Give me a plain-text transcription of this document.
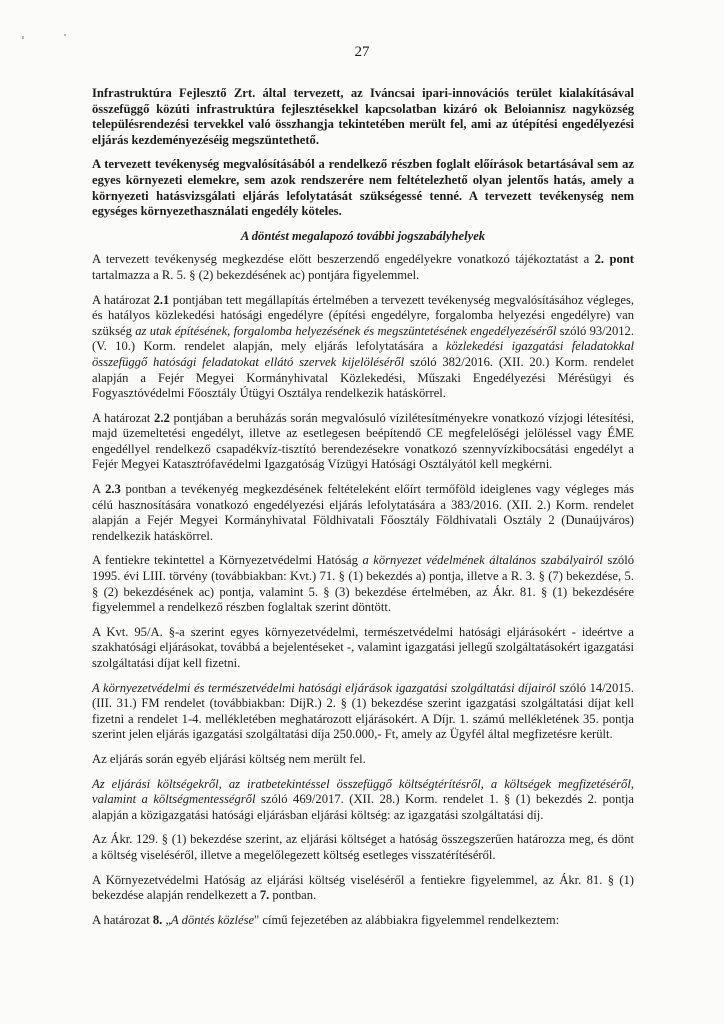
27

Infrastruktúra Fejlesztő Zrt. által tervezett, az Iváncsai ipari-innovációs terület kialakításával összefüggő közúti infrastruktúra fejlesztésekkel kapcsolatban kizáró ok Beloiannisz nagyközség településrendezési tervekkel való összhangja tekintetében merült fel, ami az útépítési engedélyezési eljárás kezdeményezéséig megszüntethető.

A tervezett tevékenység megvalósításából a rendelkező részben foglalt előírások betartásával sem az egyes környezeti elemekre, sem azok rendszerére nem feltételezhető olyan jelentős hatás, amely a környezeti hatásvizsgálati eljárás lefolytatását szükségessé tenné. A tervezett tevékenység nem egységes környezethasználati engedély köteles.

A döntést megalapozó további jogszabályhelyek

A tervezett tevékenység megkezdése előtt beszerzendő engedélyekre vonatkozó tájékoztatást a 2. pont tartalmazza a R. 5. § (2) bekezdésének ac) pontjára figyelemmel.

A határozat 2.1 pontjában tett megállapítás értelmében a tervezett tevékenység megvalósításához végleges, és hatályos közlekedési hatósági engedélyre (építési engedélyre, forgalomba helyezési engedélyre) van szükség az utak építésének, forgalomba helyezésének és megszüntetésének engedélyezéséről szóló 93/2012. (V. 10.) Korm. rendelet alapján, mely eljárás lefolytatására a közlekedési igazgatási feladatokkal összefüggő hatósági feladatokat ellátó szervek kijelöléséről szóló 382/2016. (XII. 20.) Korm. rendelet alapján a Fejér Megyei Kormányhivatal Közlekedési, Műszaki Engedélyezési Mérésügyi és Fogyasztóvédelmi Főosztály Útügyi Osztálya rendelkezik hatáskörrel.

A határozat 2.2 pontjában a beruházás során megvalósuló vízilétesítményekre vonatkozó vízjogi létesítési, majd üzemeltetési engedélyt, illetve az esetlegesen beépítendő CE megfelelőségi jelöléssel vagy ÉME engedéllyel rendelkező csapadékvíz-tisztító berendezésekre vonatkozó szennyvízkibocsátási engedélyt a Fejér Megyei Katasztrófavédelmi Igazgatóság Vízügyi Hatósági Osztályától kell megkérni.

A 2.3 pontban a tevékenyég megkezdésének feltételeként előírt termőföld ideiglenes vagy végleges más célú hasznosítására vonatkozó engedélyezési eljárás lefolytatására a 383/2016. (XII. 2.) Korm. rendelet alapján a Fejér Megyei Kormányhivatal Földhivatali Főosztály Földhivatali Osztály 2 (Dunaújváros) rendelkezik hatáskörrel.

A fentiekre tekintettel a Környezetvédelmi Hatóság a környezet védelmének általános szabályairól szóló 1995. évi LIII. törvény (továbbiakban: Kvt.) 71. § (1) bekezdés a) pontja, illetve a R. 3. § (7) bekezdése, 5. § (2) bekezdésének ac) pontja, valamint 5. § (3) bekezdése értelmében, az Ákr. 81. § (1) bekezdésére figyelemmel a rendelkező részben foglaltak szerint döntött.

A Kvt. 95/A. §-a szerint egyes környezetvédelmi, természetvédelmi hatósági eljárásokért - ideértve a szakhatósági eljárásokat, továbbá a bejelentéseket -, valamint igazgatási jellegű szolgáltatásokért igazgatási szolgáltatási díjat kell fizetni.

A környezetvédelmi és természetvédelmi hatósági eljárások igazgatási szolgáltatási díjairól szóló 14/2015. (III. 31.) FM rendelet (továbbiakban: DíjR.) 2. § (1) bekezdése szerint igazgatási szolgáltatási díjat kell fizetni a rendelet 1-4. mellékletében meghatározott eljárásokért. A Díjr. 1. számú mellékletének 35. pontja szerint jelen eljárás igazgatási szolgáltatási díja 250.000,- Ft, amely az Ügyfél által megfizetésre került.

Az eljárás során egyéb eljárási költség nem merült fel.

Az eljárási költségekről, az iratbetekintéssel összefüggő költségtérítésről, a költségek megfizetéséről, valamint a költségmentességről szóló 469/2017. (XII. 28.) Korm. rendelet 1. § (1) bekezdés 2. pontja alapján a közigazgatási hatósági eljárásban eljárási költség: az igazgatási szolgáltatási díj.

Az Ákr. 129. § (1) bekezdése szerint, az eljárási költséget a hatóság összegszerűen határozza meg, és dönt a költség viseléséről, illetve a megelőlegezett költség esetleges visszatérítéséről.

A Környezetvédelmi Hatóság az eljárási költség viseléséről a fentiekre figyelemmel, az Ákr. 81. § (1) bekezdése alapján rendelkezett a 7. pontban.

A határozat 8. „A döntés közlése" című fejezetében az alábbiakra figyelemmel rendelkeztem:
